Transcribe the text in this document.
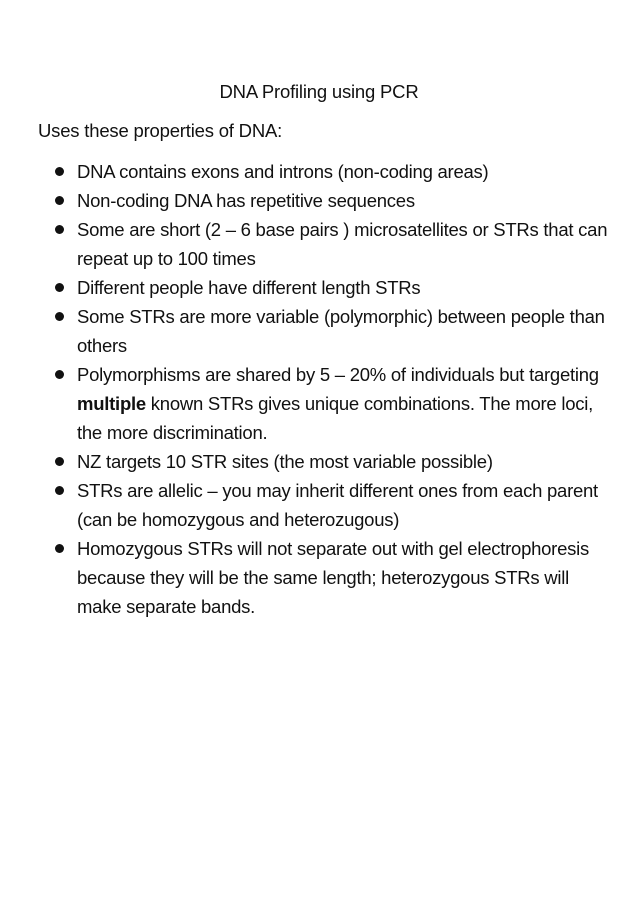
DNA Profiling using PCR
Uses these properties of DNA:
DNA contains exons and introns (non-coding areas)
Non-coding DNA has repetitive sequences
Some are short (2 – 6 base pairs ) microsatellites or STRs that can repeat up to 100 times
Different people have different length STRs
Some STRs are more variable (polymorphic) between people than others
Polymorphisms are shared by 5 – 20% of individuals but targeting multiple known STRs gives unique combinations. The more loci, the more discrimination.
NZ targets 10 STR sites (the most variable possible)
STRs are allelic – you may inherit different ones from each parent (can be homozygous and heterozugous)
Homozygous STRs will not separate out with gel electrophoresis because they will be the same length; heterozygous STRs will make separate bands.
